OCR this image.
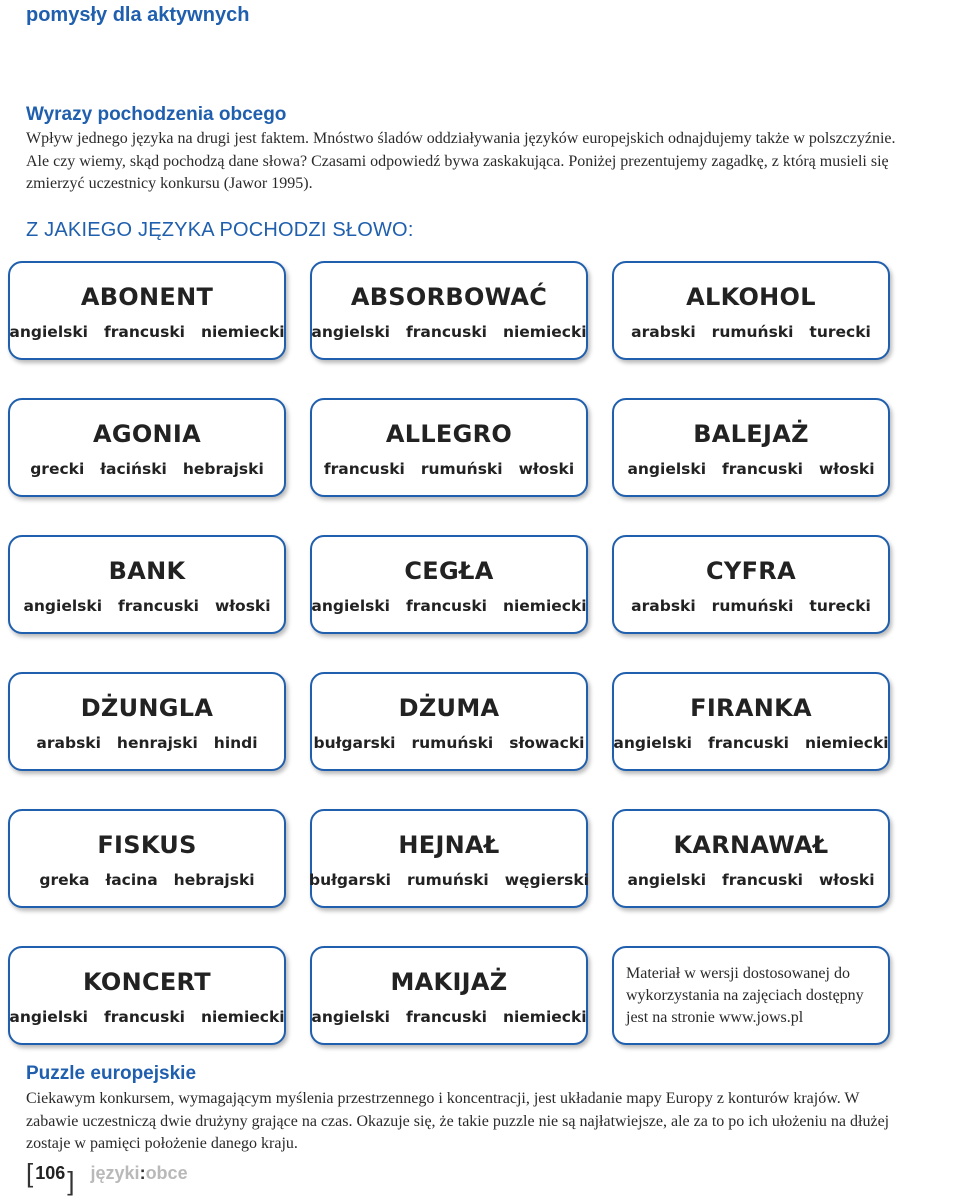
pomysły dla aktywnych
Wyrazy pochodzenia obcego
Wpływ jednego języka na drugi jest faktem. Mnóstwo śladów oddziaływania języków europejskich odnajdujemy także w polszczyźnie. Ale czy wiemy, skąd pochodzą dane słowa? Czasami odpowiedź bywa zaskakująca. Poniżej prezentujemy zagadkę, z którą musieli się zmierzyć uczestnicy konkursu (Jawor 1995).
Z JAKIEGO JĘZYKA POCHODZI SŁOWO:
ABONENT
angielski francuski niemiecki
ABSORBOWAĆ
angielski francuski niemiecki
ALKOHOL
arabski rumuński turecki
AGONIA
grecki łaciński hebrajski
ALLEGRO
francuski rumuński włoski
BALEJAŻ
angielski francuski włoski
BANK
angielski francuski włoski
CEGŁA
angielski francuski niemiecki
CYFRA
arabski rumuński turecki
DŻUNGLA
arabski henrajski hindi
DŻUMA
bułgarski rumuński słowacki
FIRANKA
angielski francuski niemiecki
FISKUS
greka łacina hebrajski
HEJNAŁ
bułgarski rumuński węgierski
KARNAWAŁ
angielski francuski włoski
KONCERT
angielski francuski niemiecki
MAKIJAŻ
angielski francuski niemiecki
Materiał w wersji dostosowanej do wykorzystania na zajęciach dostępny jest na stronie www.jows.pl
Puzzle europejskie
Ciekawym konkursem, wymagającym myślenia przestrzennego i koncentracji, jest układanie mapy Europy z konturów krajów. W zabawie uczestniczą dwie drużyny grające na czas. Okazuje się, że takie puzzle nie są najłatwiejsze, ale za to po ich ułożeniu na dłużej zostaje w pamięci położenie danego kraju.
[ 106 ] języki:obce
